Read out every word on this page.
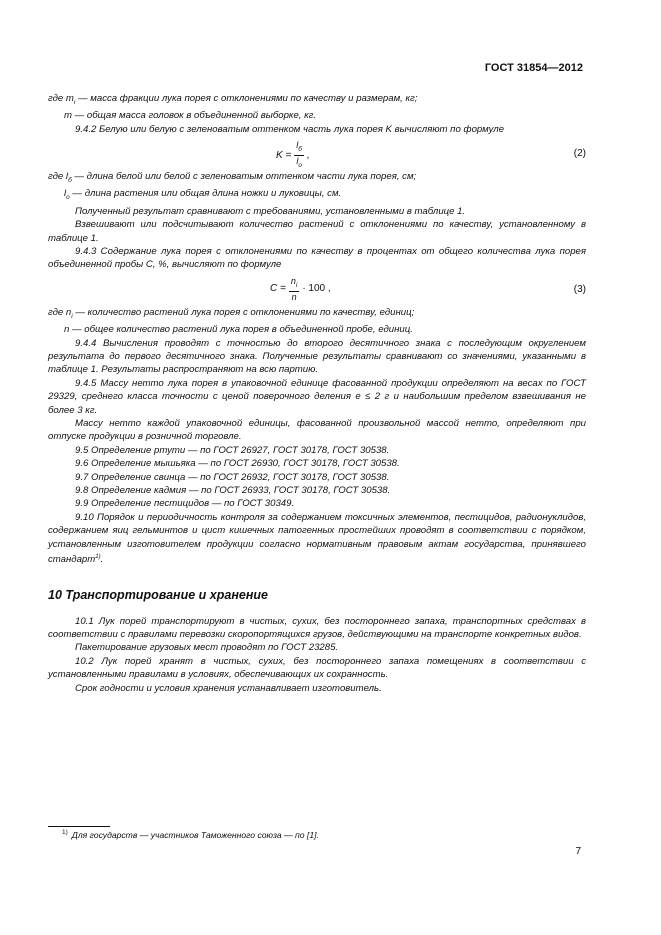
ГОСТ 31854—2012

где $m_i$ — масса фракции лука порея с отклонениями по качеству и размерам, кг;

m — общая масса головок в объединенной выборке, кг.

9.4.2 Белую или белую с зеленоватым оттенком часть лука порея K вычисляют по формуле

$K = \frac{l_б}{l_о}$ ,	(2)

где $l_б$ — длина белой или белой с зеленоватым оттенком части лука порея, см;

$l_о$ — длина растения или общая длина ножки и луковицы, см.

Полученный результат сравнивают с требованиями, установленными в таблице 1.

Взвешивают или подсчитывают количество растений с отклонениями по качеству, установленному в таблице 1.

9.4.3 Содержание лука порея с отклонениями по качеству в процентах от общего количества лука порея объединенной пробы С, %, вычисляют по формуле

$C = \frac{n_i}{n} \cdot 100$ ,	(3)

где $n_i$ — количество растений лука порея с отклонениями по качеству, единиц;

n — общее количество растений лука порея в объединенной пробе, единиц.

9.4.4 Вычисления проводят с точностью до второго десятичного знака с последующим округлением результата до первого десятичного знака. Полученные результаты сравнивают со значениями, указанными в таблице 1. Результаты распространяют на всю партию.

9.4.5 Массу нетто лука порея в упаковочной единице фасованной продукции определяют на весах по ГОСТ 29329, среднего класса точности с ценой поверочного деления е ≤ 2 г и наибольшим пределом взвешивания не более 3 кг.

Массу нетто каждой упаковочной единицы, фасованной произвольной массой нетто, определяют при отпуске продукции в розничной торговле.

9.5 Определение ртути — по ГОСТ 26927, ГОСТ 30178, ГОСТ 30538.

9.6 Определение мышьяка — по ГОСТ 26930, ГОСТ 30178, ГОСТ 30538.

9.7 Определение свинца — по ГОСТ 26932, ГОСТ 30178, ГОСТ 30538.

9.8 Определение кадмия — по ГОСТ 26933, ГОСТ 30178, ГОСТ 30538.

9.9 Определение пестицидов — по ГОСТ 30349.

9.10 Порядок и периодичность контроля за содержанием токсичных элементов, пестицидов, радионуклидов, содержанием яиц гельминтов и цист кишечных патогенных простейших проводят в соответствии с порядком, установленным изготовителем продукции согласно нормативным правовым актам государства, принявшего стандарт$^{1)}$.

10 Транспортирование и хранение

10.1 Лук порей транспортируют в чистых, сухих, без постороннего запаха, транспортных средствах в соответствии с правилами перевозки скоропортящихся грузов, действующими на транспорте конкретных видов.

Пакетирование грузовых мест проводят по ГОСТ 23285.

10.2 Лук порей хранят в чистых, сухих, без постороннего запаха помещениях в соответствии с установленными правилами в условиях, обеспечивающих их сохранность.

Срок годности и условия хранения устанавливает изготовитель.

$^{1)}$ Для государств — участников Таможенного союза — по [1].
7
